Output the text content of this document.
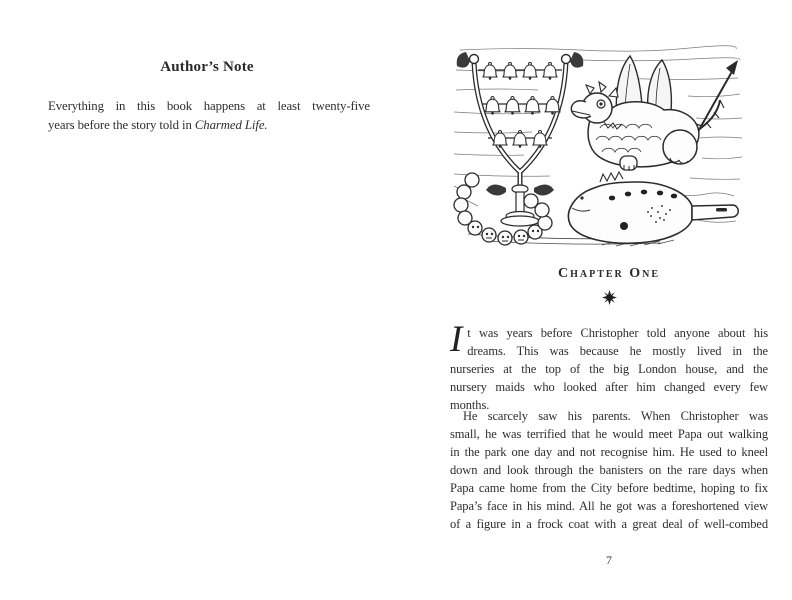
Author’s Note
Everything in this book happens at least twenty-five
years before the story told in Charmed Life.
Chapter One
I t was years before Christopher told anyone about his
dreams. This was because he mostly lived in the
nurseries at the top of the big London house, and the
nursery maids who looked after him changed every few
months.
He scarcely saw his parents. When Christopher was
small, he was terrified that he would meet Papa out walking
in the park one day and not recognise him. He used to kneel
down and look through the banisters on the rare days when
Papa came home from the City before bedtime, hoping to fix
Papa’s face in his mind. All he got was a foreshortened view
of a figure in a frock coat with a great deal of well-combed
7
